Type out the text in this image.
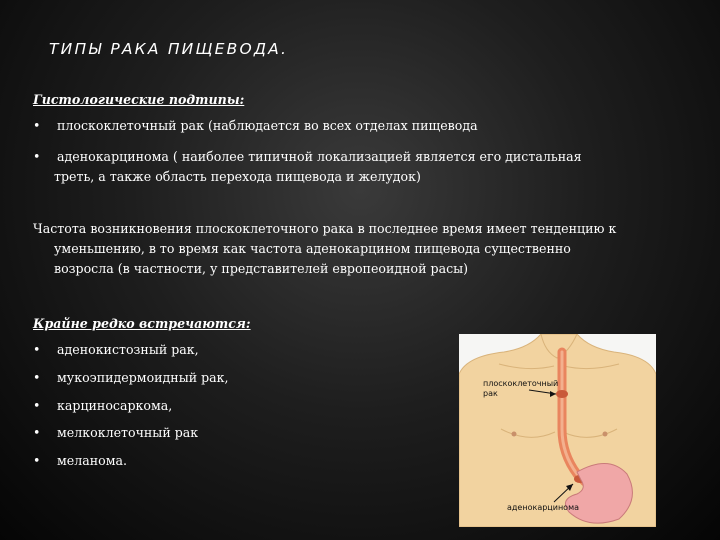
ТИПЫ РАКА ПИЩЕВОДА.
Гистологические подтипы:
•	плоскоклеточный рак (наблюдается во всех отделах пищевода
•	аденокарцинома ( наиболее типичной локализацией является его дистальная
треть, а также область перехода пищевода и желудок)
Частота возникновения плоскоклеточного рака в последнее время имеет тенденцию к
уменьшению, в то время как частота аденокарцином пищевода существенно
возросла (в частности, у представителей европеоидной расы)
Крайне редко встречаются:
•	аденокистозный рак,
•	мукоэпидермоидный рак,
•	карциносаркома,
•	мелкоклеточный рак
•	меланома.
плоскоклеточный
рак
аденокарцинома
